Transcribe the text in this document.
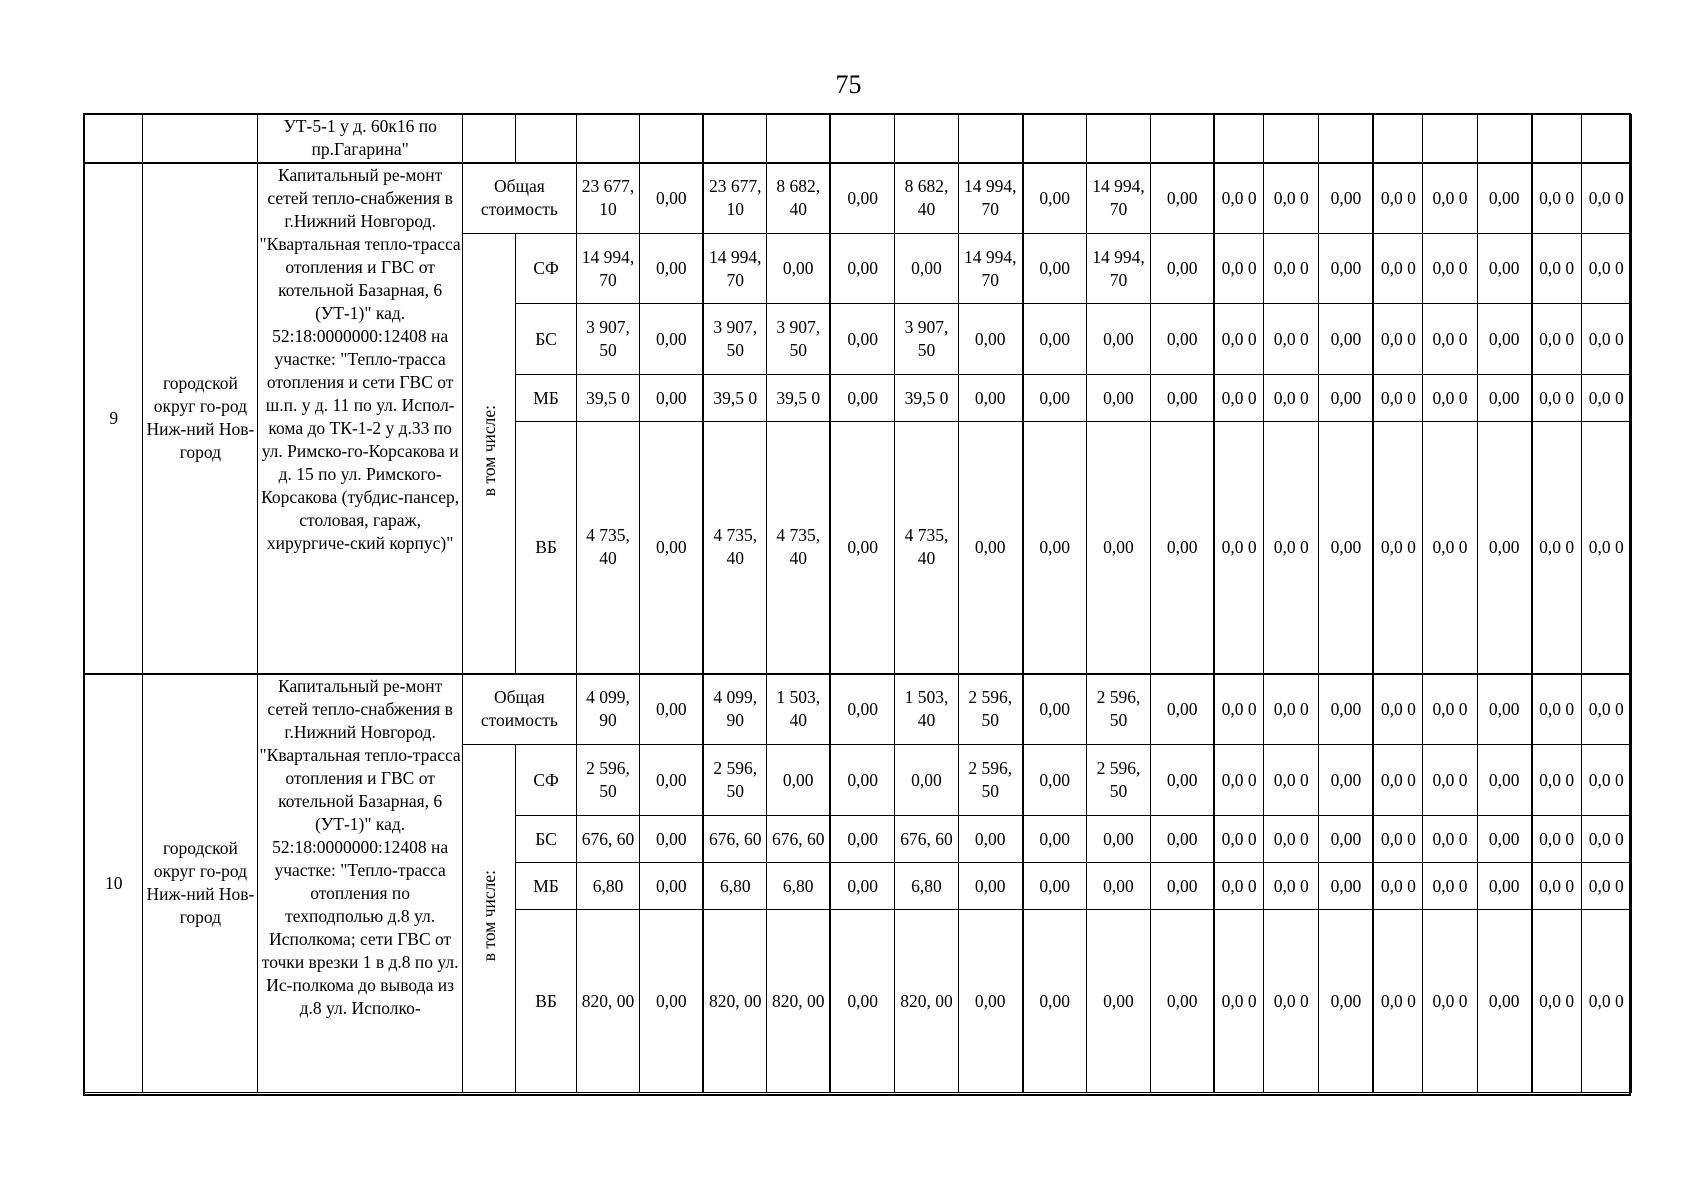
75
		УТ-5-1 у д. 60к16 по пр.Гагарина"																				
9	городской округ го-род Ниж-ний Нов-город	Капитальный ре-монт сетей тепло-снабжения в г.Нижний Новгород. "Квартальная тепло-трасса отопления и ГВС от котельной Базарная, 6 (УТ-1)" кад. 52:18:0000000:12408 на участке: "Тепло-трасса отопления и сети ГВС от ш.п. у д. 11 по ул. Испол-кома до ТК-1-2 у д.33 по ул. Римско-го-Корсакова и д. 15 по ул. Римского-Корсакова (тубдис-пансер, столовая, гараж, хирургиче-ский корпус)"	Общая стоимость		23 677, 10	0,00	23 677, 10	8 682, 40	0,00	8 682, 40	14 994, 70	0,00	14 994, 70	0,00	0,0 0	0,0 0	0,00	0,0 0	0,0 0	0,00	0,0 0	0,0 0
			в том числе:	СФ	14 994, 70	0,00	14 994, 70	0,00	0,00	0,00	14 994, 70	0,00	14 994, 70	0,00	0,0 0	0,0 0	0,00	0,0 0	0,0 0	0,00	0,0 0	0,0 0
				БС	3 907, 50	0,00	3 907, 50	3 907, 50	0,00	3 907, 50	0,00	0,00	0,00	0,00	0,0 0	0,0 0	0,00	0,0 0	0,0 0	0,00	0,0 0	0,0 0
				МБ	39,5 0	0,00	39,5 0	39,5 0	0,00	39,5 0	0,00	0,00	0,00	0,00	0,0 0	0,0 0	0,00	0,0 0	0,0 0	0,00	0,0 0	0,0 0
				ВБ	4 735, 40	0,00	4 735, 40	4 735, 40	0,00	4 735, 40	0,00	0,00	0,00	0,00	0,0 0	0,0 0	0,00	0,0 0	0,0 0	0,00	0,0 0	0,0 0
10	городской округ го-род Ниж-ний Нов-город	Капитальный ре-монт сетей тепло-снабжения в г.Нижний Новгород. "Квартальная тепло-трасса отопления и ГВС от котельной Базарная, 6 (УТ-1)" кад. 52:18:0000000:12408 на участке: "Тепло-трасса отопления по техподполью д.8 ул. Исполкома; сети ГВС от точки врезки 1 в д.8 по ул. Ис-полкома до вывода из д.8 ул. Исполко-	Общая стоимость		4 099, 90	0,00	4 099, 90	1 503, 40	0,00	1 503, 40	2 596, 50	0,00	2 596, 50	0,00	0,0 0	0,0 0	0,00	0,0 0	0,0 0	0,00	0,0 0	0,0 0
			в том числе:	СФ	2 596, 50	0,00	2 596, 50	0,00	0,00	0,00	2 596, 50	0,00	2 596, 50	0,00	0,0 0	0,0 0	0,00	0,0 0	0,0 0	0,00	0,0 0	0,0 0
				БС	676, 60	0,00	676, 60	676, 60	0,00	676, 60	0,00	0,00	0,00	0,00	0,0 0	0,0 0	0,00	0,0 0	0,0 0	0,00	0,0 0	0,0 0
				МБ	6,80	0,00	6,80	6,80	0,00	6,80	0,00	0,00	0,00	0,00	0,0 0	0,0 0	0,00	0,0 0	0,0 0	0,00	0,0 0	0,0 0
				ВБ	820, 00	0,00	820, 00	820, 00	0,00	820, 00	0,00	0,00	0,00	0,00	0,0 0	0,0 0	0,00	0,0 0	0,0 0	0,00	0,0 0	0,0 0
